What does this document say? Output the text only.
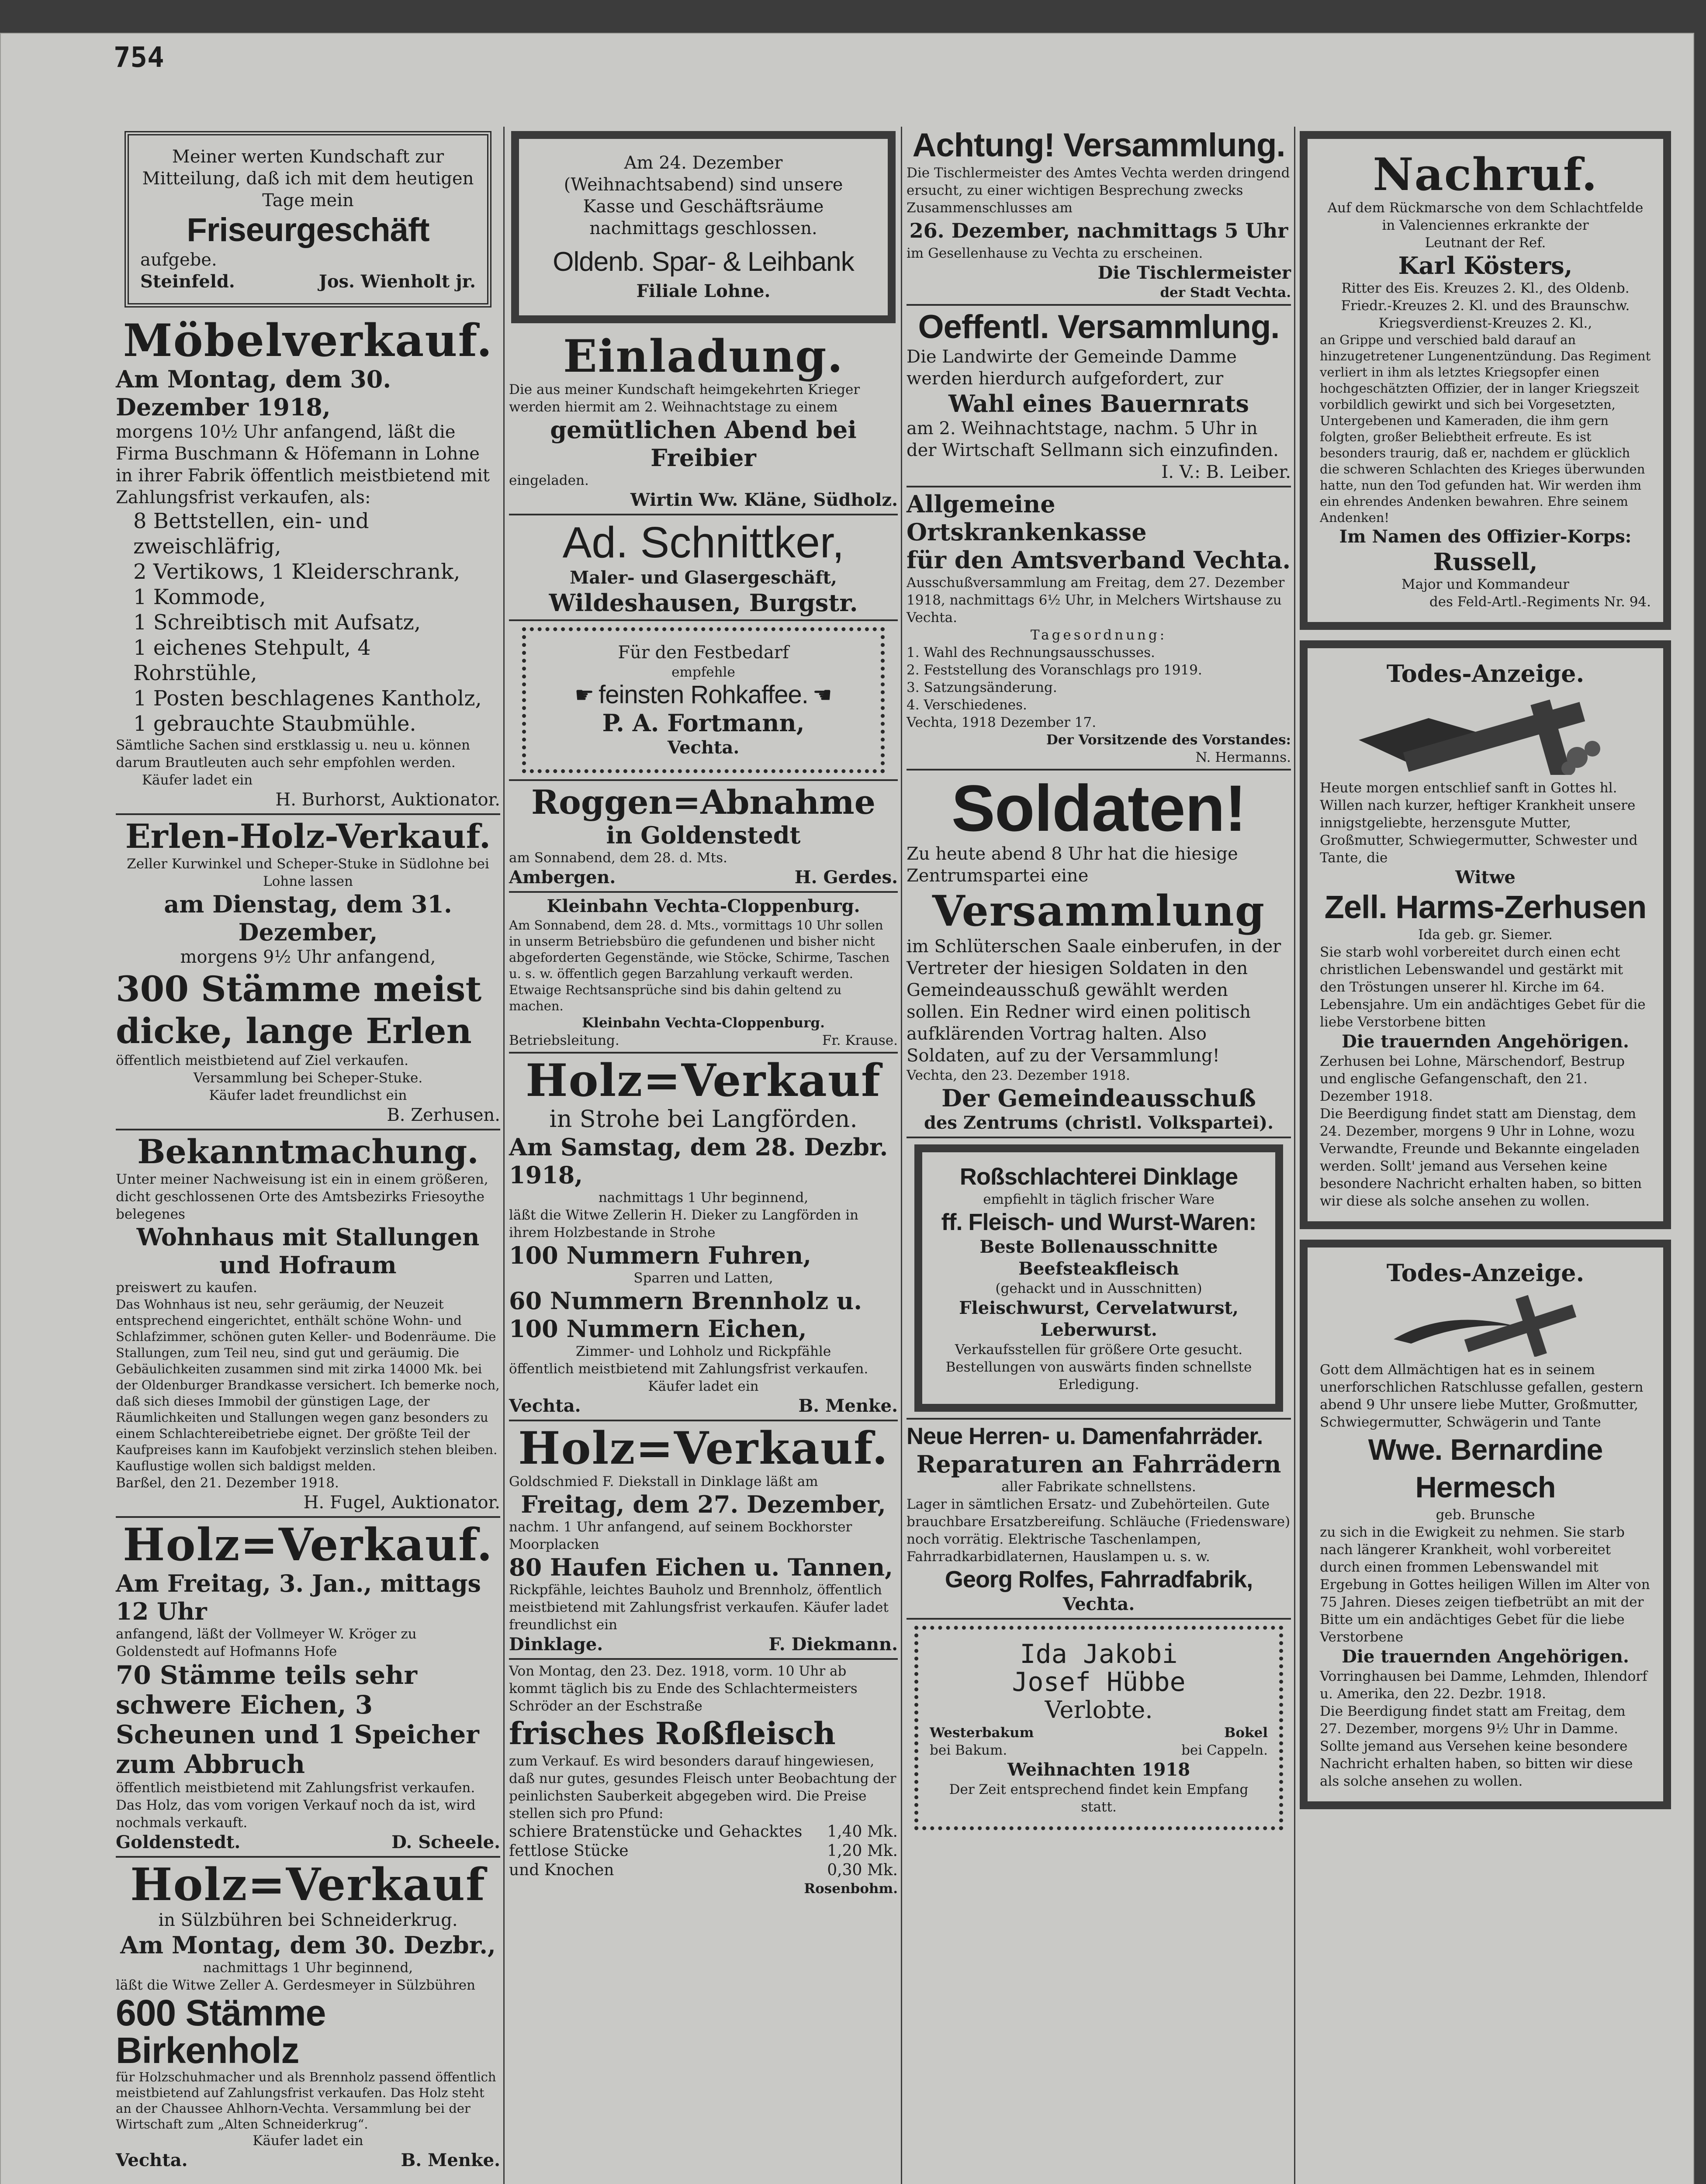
754
Meiner werten Kundschaft zur Mitteilung, daß ich mit dem heutigen Tage mein
Friseurgeschäft
aufgebe.
Steinfeld.	Jos. Wienholt jr.
Möbelverkauf.
Am Montag, dem 30. Dezember 1918,
morgens 10½ Uhr anfangend, läßt die Firma Buschmann & Höfemann in Lohne in ihrer Fabrik öffentlich meistbietend mit Zahlungsfrist verkaufen, als:
8 Bettstellen, ein- und zweischläfrig,
2 Vertikows, 1 Kleiderschrank,
1 Kommode,
1 Schreibtisch mit Aufsatz,
1 eichenes Stehpult, 4 Rohrstühle,
1 Posten beschlagenes Kantholz,
1 gebrauchte Staubmühle.
Sämtliche Sachen sind erstklassig u. neu u. können darum Brautleuten auch sehr empfohlen werden.
Käufer ladet ein
H. Burhorst, Auktionator.
Erlen-Holz-Verkauf.
Zeller Kurwinkel und Scheper-Stuke in Südlohne bei Lohne lassen
am Dienstag, dem 31. Dezember,
morgens 9½ Uhr anfangend,
300 Stämme meist dicke, lange Erlen
öffentlich meistbietend auf Ziel verkaufen.
Versammlung bei Scheper-Stuke.
Käufer ladet freundlichst ein
B. Zerhusen.
Bekanntmachung.
Unter meiner Nachweisung ist ein in einem größeren, dicht geschlossenen Orte des Amtsbezirks Friesoythe belegenes
Wohnhaus mit Stallungen und Hofraum
preiswert zu kaufen.
Das Wohnhaus ist neu, sehr geräumig, der Neuzeit entsprechend eingerichtet, enthält schöne Wohn- und Schlafzimmer, schönen guten Keller- und Bodenräume. Die Stallungen, zum Teil neu, sind gut und geräumig. Die Gebäulichkeiten zusammen sind mit zirka 14000 Mk. bei der Oldenburger Brandkasse versichert. Ich bemerke noch, daß sich dieses Immobil der günstigen Lage, der Räumlichkeiten und Stallungen wegen ganz besonders zu einem Schlachtereibetriebe eignet. Der größte Teil der Kaufpreises kann im Kaufobjekt verzinslich stehen bleiben. Kauflustige wollen sich baldigst melden.
Barßel, den 21. Dezember 1918.
H. Fugel, Auktionator.
Holz=Verkauf.
Am Freitag, 3. Jan., mittags 12 Uhr
anfangend, läßt der Vollmeyer W. Kröger zu Goldenstedt auf Hofmanns Hofe
70 Stämme teils sehr schwere Eichen, 3 Scheunen und 1 Speicher zum Abbruch
öffentlich meistbietend mit Zahlungsfrist verkaufen. Das Holz, das vom vorigen Verkauf noch da ist, wird nochmals verkauft.
Goldenstedt.	D. Scheele.
Holz=Verkauf
in Sülzbühren bei Schneiderkrug.
Am Montag, dem 30. Dezbr.,
nachmittags 1 Uhr beginnend,
läßt die Witwe Zeller A. Gerdesmeyer in Sülzbühren
600 Stämme Birkenholz
für Holzschuhmacher und als Brennholz passend öffentlich meistbietend auf Zahlungsfrist verkaufen. Das Holz steht an der Chaussee Ahlhorn-Vechta. Versammlung bei der Wirtschaft zum „Alten Schneiderkrug“.
Käufer ladet ein
Vechta.	B. Menke.
Am 24. Dezember (Weihnachtsabend) sind unsere Kasse und Geschäftsräume nachmittags geschlossen.
Oldenb. Spar- & Leihbank
Filiale Lohne.
Einladung.
Die aus meiner Kundschaft heimgekehrten Krieger werden hiermit am 2. Weihnachtstage zu einem
gemütlichen Abend bei Freibier
eingeladen.
Wirtin Ww. Kläne, Südholz.
Ad. Schnittker,
Maler- und Glasergeschäft,
Wildeshausen, Burgstr.
Für den Festbedarf
empfehle
☛ feinsten Rohkaffee. ☚
P. A. Fortmann,
Vechta.
Roggen=Abnahme
in Goldenstedt
am Sonnabend, dem 28. d. Mts.
Ambergen.	H. Gerdes.
Kleinbahn Vechta-Cloppenburg.
Am Sonnabend, dem 28. d. Mts., vormittags 10 Uhr sollen in unserm Betriebsbüro die gefundenen und bisher nicht abgeforderten Gegenstände, wie Stöcke, Schirme, Taschen u. s. w. öffentlich gegen Barzahlung verkauft werden. Etwaige Rechtsansprüche sind bis dahin geltend zu machen.
Kleinbahn Vechta-Cloppenburg.
Betriebsleitung.	Fr. Krause.
Holz=Verkauf
in Strohe bei Langförden.
Am Samstag, dem 28. Dezbr. 1918,
nachmittags 1 Uhr beginnend,
läßt die Witwe Zellerin H. Dieker zu Langförden in ihrem Holzbestande in Strohe
100 Nummern Fuhren,
Sparren und Latten,
60 Nummern Brennholz u.
100 Nummern Eichen,
Zimmer- und Lohholz und Rickpfähle
öffentlich meistbietend mit Zahlungsfrist verkaufen.
Käufer ladet ein
Vechta.	B. Menke.
Holz=Verkauf.
Goldschmied F. Diekstall in Dinklage läßt am
Freitag, dem 27. Dezember,
nachm. 1 Uhr anfangend, auf seinem Bockhorster Moorplacken
80 Haufen Eichen u. Tannen,
Rickpfähle, leichtes Bauholz und Brennholz, öffentlich meistbietend mit Zahlungsfrist verkaufen. Käufer ladet freundlichst ein
Dinklage.	F. Diekmann.
Von Montag, den 23. Dez. 1918, vorm. 10 Uhr ab kommt täglich bis zu Ende des Schlachtermeisters Schröder an der Eschstraße
frisches Roßfleisch
zum Verkauf. Es wird besonders darauf hingewiesen, daß nur gutes, gesundes Fleisch unter Beobachtung der peinlichsten Sauberkeit abgegeben wird. Die Preise stellen sich pro Pfund:
schiere Bratenstücke und Gehacktes 1,40 Mk.
fettlose Stücke	1,20 Mk.
und Knochen	0,30 Mk.
Rosenbohm.
Achtung! Versammlung.
Die Tischlermeister des Amtes Vechta werden dringend ersucht, zu einer wichtigen Besprechung zwecks Zusammenschlusses am
26. Dezember, nachmittags 5 Uhr
im Gesellenhause zu Vechta zu erscheinen.
Die Tischlermeister
der Stadt Vechta.
Oeffentl. Versammlung.
Die Landwirte der Gemeinde Damme werden hierdurch aufgefordert, zur
Wahl eines Bauernrats
am 2. Weihnachtstage, nachm. 5 Uhr in der Wirtschaft Sellmann sich einzufinden.
I. V.: B. Leiber.
Allgemeine Ortskrankenkasse
für den Amtsverband Vechta.
Ausschußversammlung am Freitag, dem 27. Dezember 1918, nachmittags 6½ Uhr, in Melchers Wirtshause zu Vechta.
Tagesordnung:
1. Wahl des Rechnungsausschusses.
2. Feststellung des Voranschlags pro 1919.
3. Satzungsänderung.
4. Verschiedenes.
Vechta, 1918 Dezember 17.
Der Vorsitzende des Vorstandes:
N. Hermanns.
Soldaten!
Zu heute abend 8 Uhr hat die hiesige Zentrumspartei eine
Versammlung
im Schlüterschen Saale einberufen, in der Vertreter der hiesigen Soldaten in den Gemeindeausschuß gewählt werden sollen. Ein Redner wird einen politisch aufklärenden Vortrag halten. Also Soldaten, auf zu der Versammlung!
Vechta, den 23. Dezember 1918.
Der Gemeindeausschuß
des Zentrums (christl. Volkspartei).
Roßschlachterei Dinklage
empfiehlt in täglich frischer Ware
ff. Fleisch- und Wurst-Waren:
Beste Bollenausschnitte
Beefsteakfleisch
(gehackt und in Ausschnitten)
Fleischwurst, Cervelatwurst, Leberwurst.
Verkaufsstellen für größere Orte gesucht.
Bestellungen von auswärts finden schnellste Erledigung.
Neue Herren- u. Damenfahrräder.
Reparaturen an Fahrrädern
aller Fabrikate schnellstens.
Lager in sämtlichen Ersatz- und Zubehörteilen. Gute brauchbare Ersatzbereifung. Schläuche (Friedensware) noch vorrätig. Elektrische Taschenlampen, Fahrradkarbidlaternen, Hauslampen u. s. w.
Georg Rolfes, Fahrradfabrik,
Vechta.
Ida Jakobi
Josef Hübbe
Verlobte.
Westerbakum	Bokel
bei Bakum.	bei Cappeln.
Weihnachten 1918
Der Zeit entsprechend findet kein Empfang statt.
Nachruf.
Auf dem Rückmarsche von dem Schlachtfelde in Valenciennes erkrankte der
Leutnant der Ref.
Karl Kösters,
Ritter des Eis. Kreuzes 2. Kl., des Oldenb. Friedr.-Kreuzes 2. Kl. und des Braunschw. Kriegsverdienst-Kreuzes 2. Kl.,
an Grippe und verschied bald darauf an hinzugetretener Lungenentzündung. Das Regiment verliert in ihm als letztes Kriegsopfer einen hochgeschätzten Offizier, der in langer Kriegszeit vorbildlich gewirkt und sich bei Vorgesetzten, Untergebenen und Kameraden, die ihm gern folgten, großer Beliebtheit erfreute. Es ist besonders traurig, daß er, nachdem er glücklich die schweren Schlachten des Krieges überwunden hatte, nun den Tod gefunden hat. Wir werden ihm ein ehrendes Andenken bewahren. Ehre seinem Andenken!
Im Namen des Offizier-Korps:
Russell,
Major und Kommandeur
des Feld-Artl.-Regiments Nr. 94.
Todes-Anzeige.
Heute morgen entschlief sanft in Gottes hl. Willen nach kurzer, heftiger Krankheit unsere innigstgeliebte, herzensgute Mutter, Großmutter, Schwiegermutter, Schwester und Tante, die
Witwe
Zell. Harms-Zerhusen
Ida geb. gr. Siemer.
Sie starb wohl vorbereitet durch einen echt christlichen Lebenswandel und gestärkt mit den Tröstungen unserer hl. Kirche im 64. Lebensjahre. Um ein andächtiges Gebet für die liebe Verstorbene bitten
Die trauernden Angehörigen.
Zerhusen bei Lohne, Märschendorf, Bestrup und englische Gefangenschaft, den 21. Dezember 1918.
Die Beerdigung findet statt am Dienstag, dem 24. Dezember, morgens 9 Uhr in Lohne, wozu Verwandte, Freunde und Bekannte eingeladen werden. Sollt' jemand aus Versehen keine besondere Nachricht erhalten haben, so bitten wir diese als solche ansehen zu wollen.
Todes-Anzeige.
Gott dem Allmächtigen hat es in seinem unerforschlichen Ratschlusse gefallen, gestern abend 9 Uhr unsere liebe Mutter, Großmutter, Schwiegermutter, Schwägerin und Tante
Wwe. Bernardine Hermesch
geb. Brunsche
zu sich in die Ewigkeit zu nehmen. Sie starb nach längerer Krankheit, wohl vorbereitet durch einen frommen Lebenswandel mit Ergebung in Gottes heiligen Willen im Alter von 75 Jahren. Dieses zeigen tiefbetrübt an mit der Bitte um ein andächtiges Gebet für die liebe Verstorbene
Die trauernden Angehörigen.
Vorringhausen bei Damme, Lehmden, Ihlendorf u. Amerika, den 22. Dezbr. 1918.
Die Beerdigung findet statt am Freitag, dem 27. Dezember, morgens 9½ Uhr in Damme. Sollte jemand aus Versehen keine besondere Nachricht erhalten haben, so bitten wir diese als solche ansehen zu wollen.
